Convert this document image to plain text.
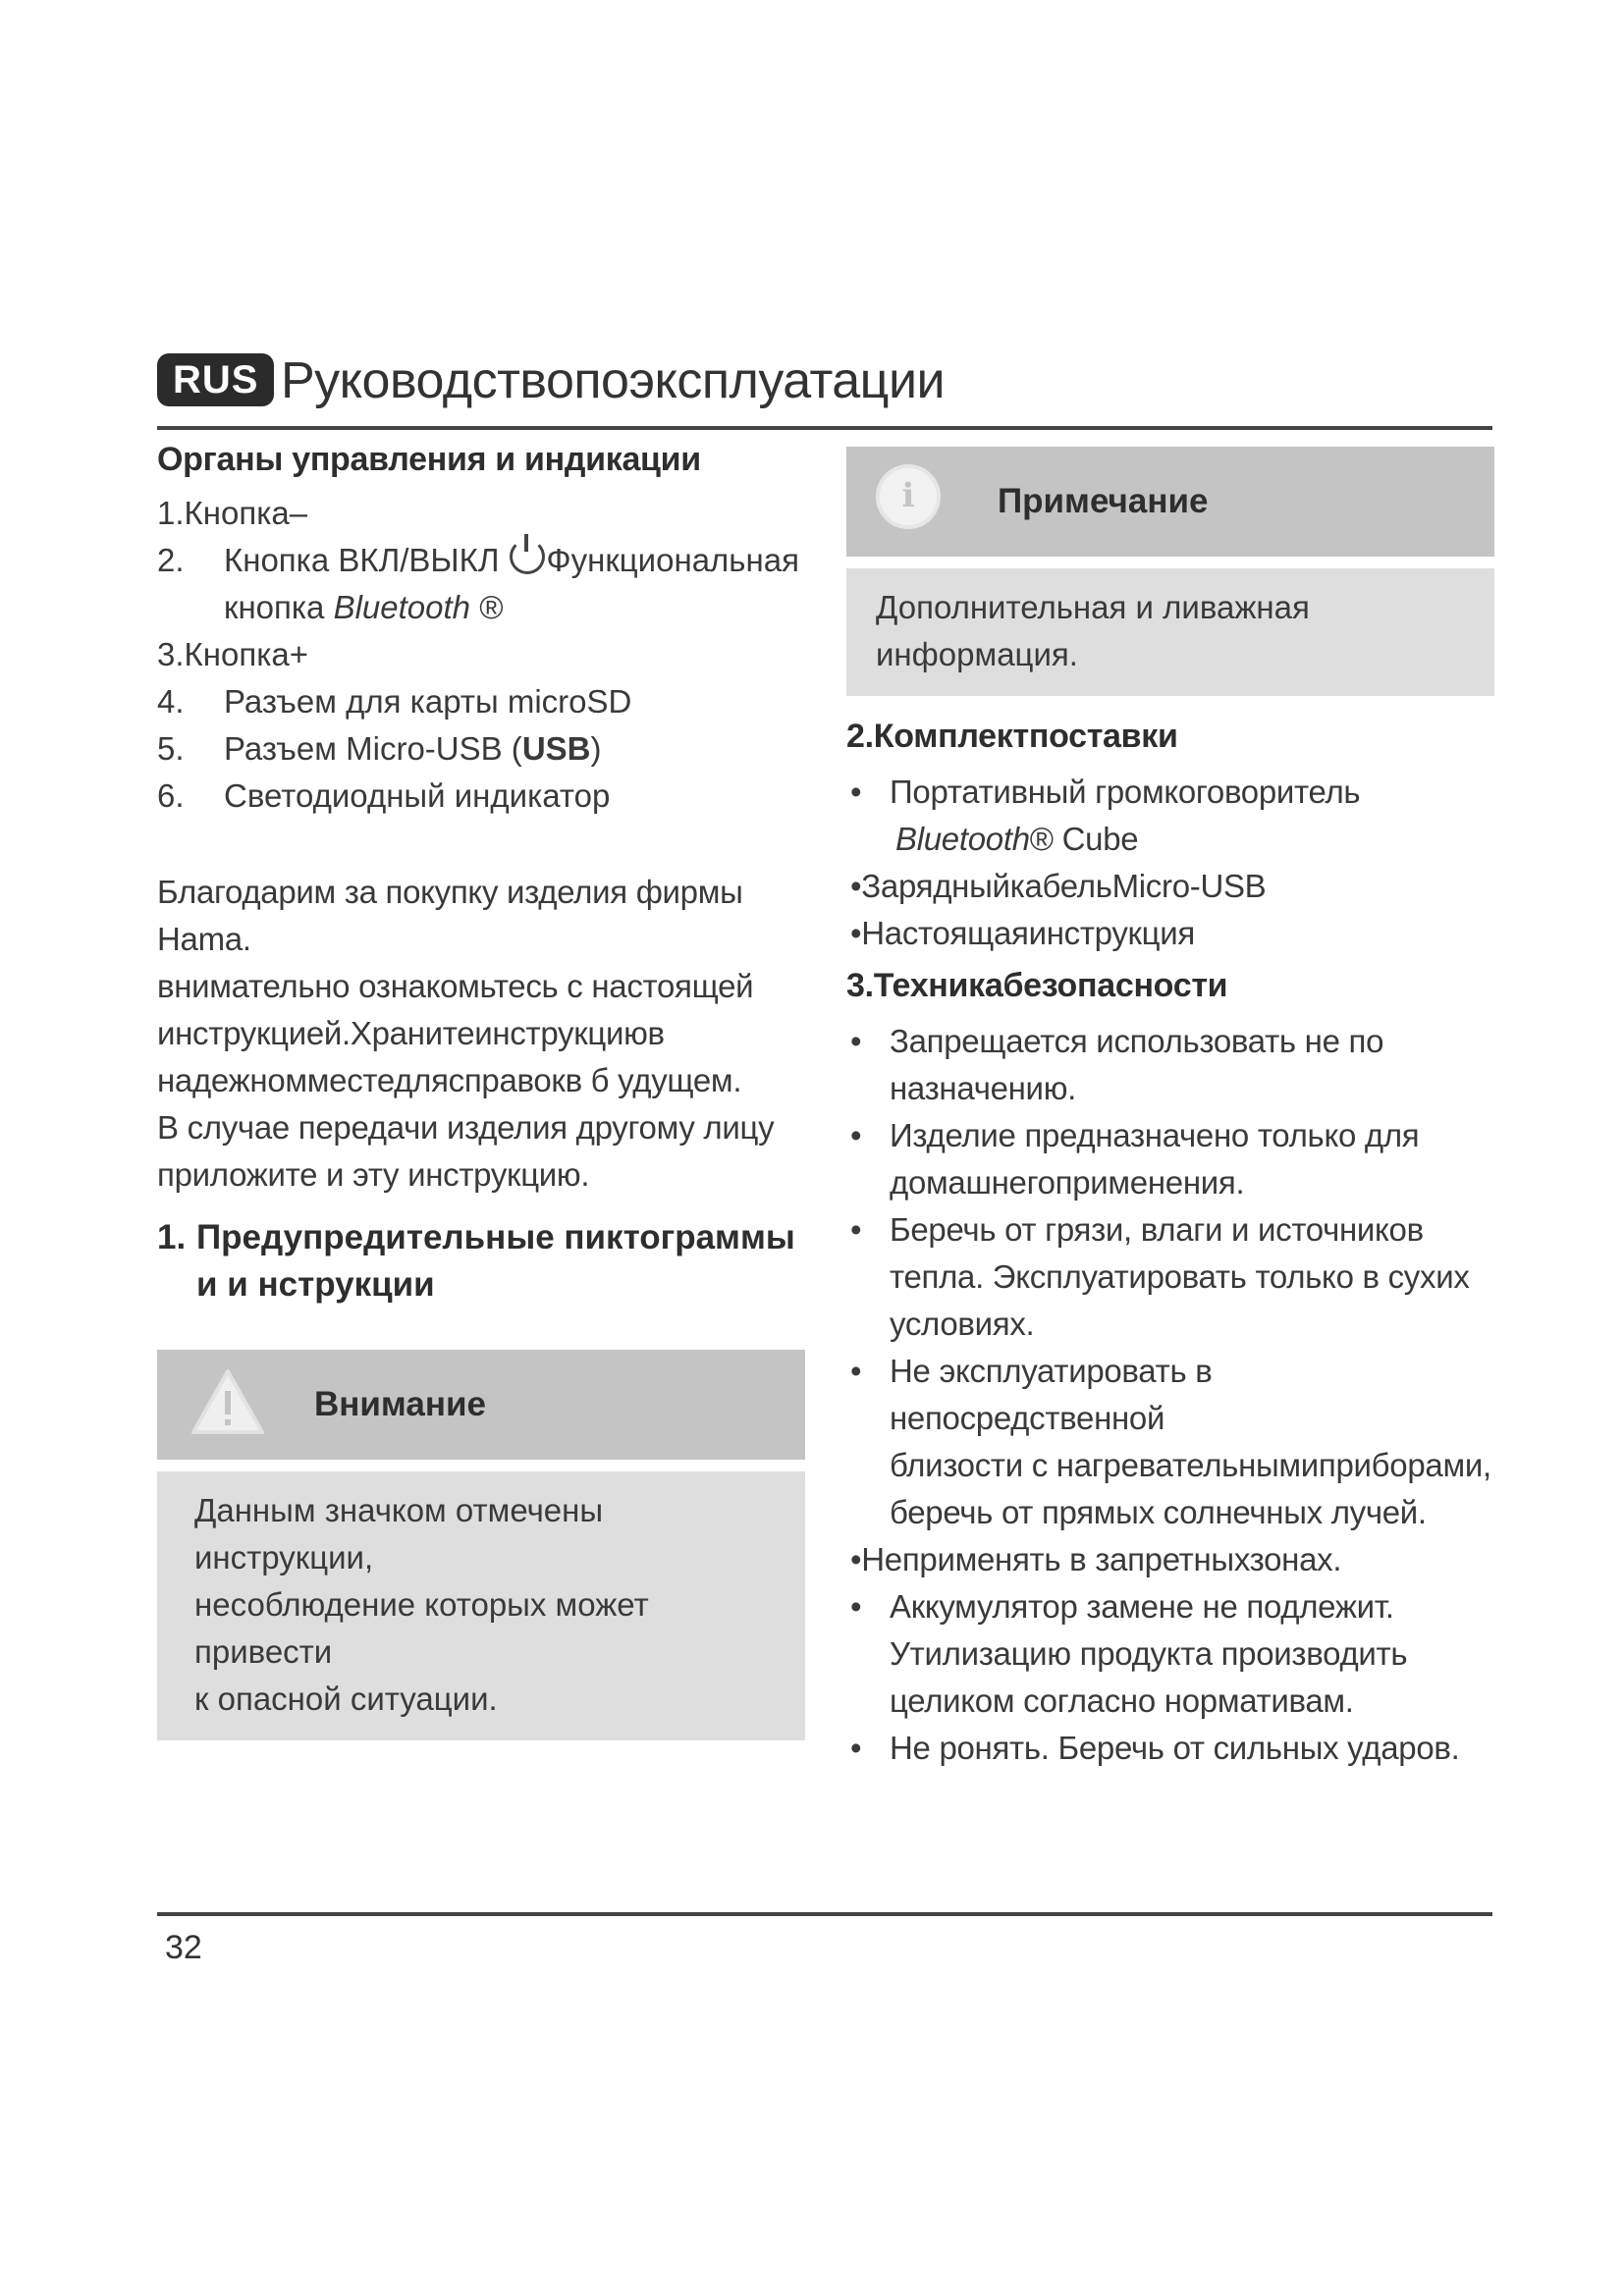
RUS Руководствопоэксплуатации
Органы управления и индикации
1.Кнопка–
2. Кнопка ВКЛ/ВЫКЛ Функциональная
кнопка Bluetooth ®
3.Кнопка+
4. Разъем для карты microSD
5. Разъем Micro-USB (USB)
6. Светодиодный индикатор
Благодарим за покупку изделия фирмы
Hama.
внимательно ознакомьтесь с настоящей
инструкцией.Хранитеинструкциюв
надежномместедлясправокв б удущем.
В случае передачи изделия другому лицу
приложите и эту инструкцию.
1. Предупредительные пиктограммы
и и нструкции
Внимание
Данным значком отмечены инструкции,
несоблюдение которых может привести
к опасной ситуации.
i	Примечание
Дополнительная и ливажная
информация.
2.Комплектпоставки
• Портативный громкоговоритель
Bluetooth® Cube
•ЗарядныйкабельMicro-USB
•Настоящаяинструкция
3.Техникабезопасности
• Запрещается использовать не по
назначению.
• Изделие предназначено только для
домашнегоприменения.
• Беречь от грязи, влаги и источников
тепла. Эксплуатировать только в сухих
условиях.
• Не эксплуатировать в непосредственной
близости с нагревательнымиприборами,
беречь от прямых солнечных лучей.
•Неприменять в запретныхзонах.
• Аккумулятор замене не подлежит.
Утилизацию продукта производить
целиком согласно нормативам.
• Не ронять. Беречь от сильных ударов.
32
